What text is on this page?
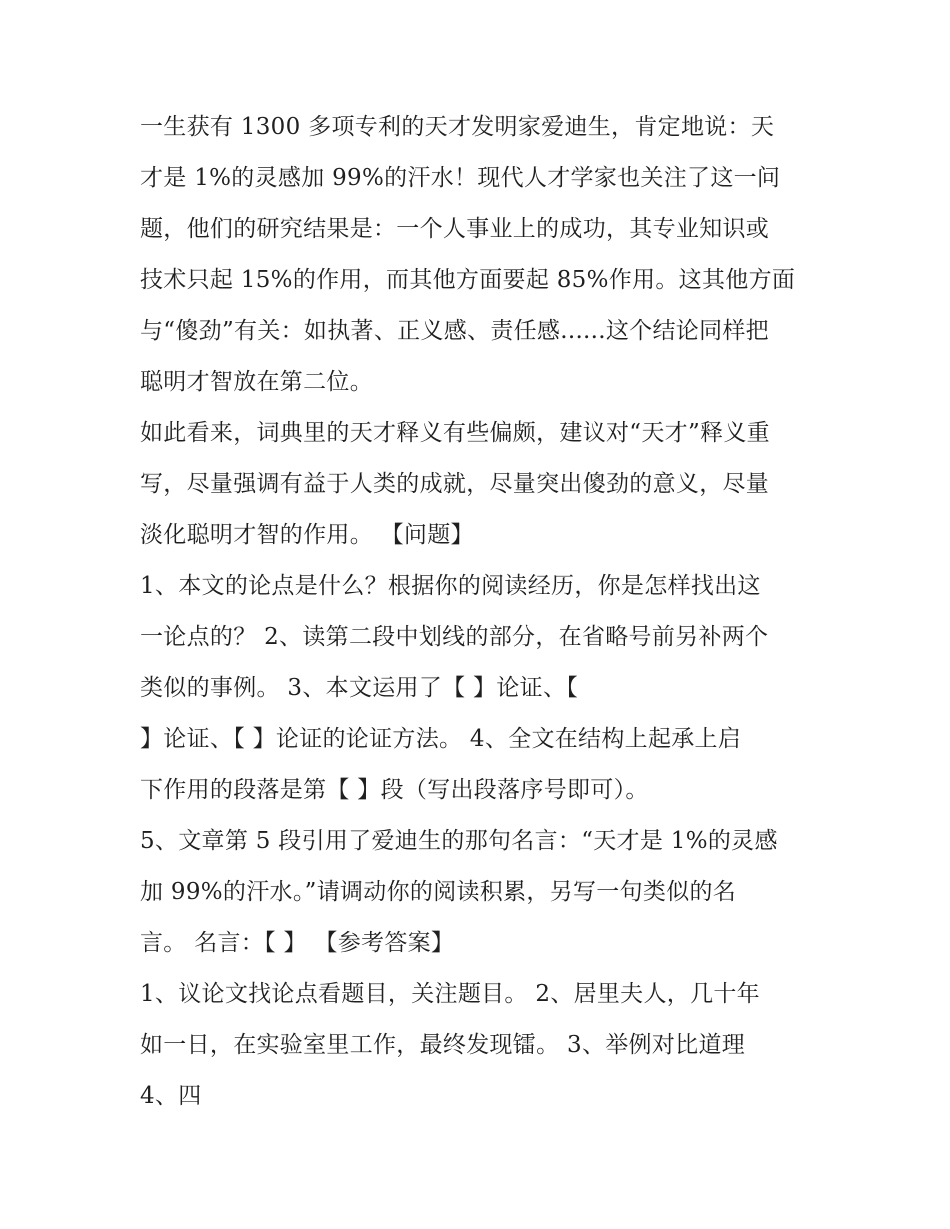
一生获有 1300 多项专利的天才发明家爱迪生，肯定地说：天
才是 1%的灵感加 99%的汗水！现代人才学家也关注了这一问
题，他们的研究结果是：一个人事业上的成功，其专业知识或
技术只起 15%的作用，而其他方面要起 85%作用。这其他方面
与“傻劲”有关：如执著、正义感、责任感......这个结论同样把
聪明才智放在第二位。
如此看来，词典里的天才释义有些偏颇，建议对“天才”释义重
写，尽量强调有益于人类的成就，尽量突出傻劲的意义，尽量
淡化聪明才智的作用。 【问题】
1、本文的论点是什么？根据你的阅读经历，你是怎样找出这
一论点的？ 2、读第二段中划线的部分，在省略号前另补两个
类似的事例。 3、本文运用了【 】论证、【
】论证、【 】论证的论证方法。 4、全文在结构上起承上启
下作用的段落是第【 】段（写出段落序号即可）。
5、文章第 5 段引用了爱迪生的那句名言：“天才是 1%的灵感
加 99%的汗水。”请调动你的阅读积累，另写一句类似的名
言。 名言：【 】 【参考答案】
1、议论文找论点看题目，关注题目。 2、居里夫人，几十年
如一日，在实验室里工作，最终发现镭。 3、举例对比道理
4、四
